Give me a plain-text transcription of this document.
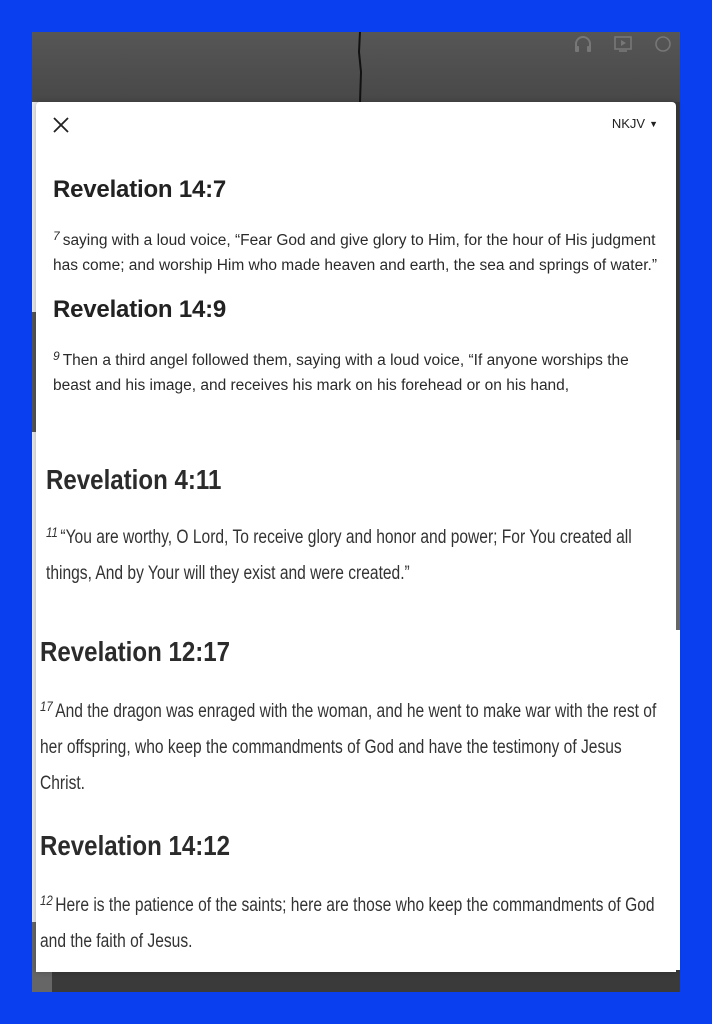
NKJV ▼
Revelation 14:7

$^7$ saying with a loud voice, “Fear God and give glory to Him, for the hour of His judgment has come; and worship Him who made heaven and earth, the sea and springs of water.”

Revelation 14:9

$^9$ Then a third angel followed them, saying with a loud voice, “If anyone worships the beast and his image, and receives his mark on his forehead or on his hand,

Revelation 4:11

$^{11}$ “You are worthy, O Lord, To receive glory and honor and power; For You created all things, And by Your will they exist and were created.”

Revelation 12:17

$^{17}$ And the dragon was enraged with the woman, and he went to make war with the rest of her offspring, who keep the commandments of God and have the testimony of Jesus Christ.

Revelation 14:12

$^{12}$ Here is the patience of the saints; here are those who keep the commandments of God and the faith of Jesus.
